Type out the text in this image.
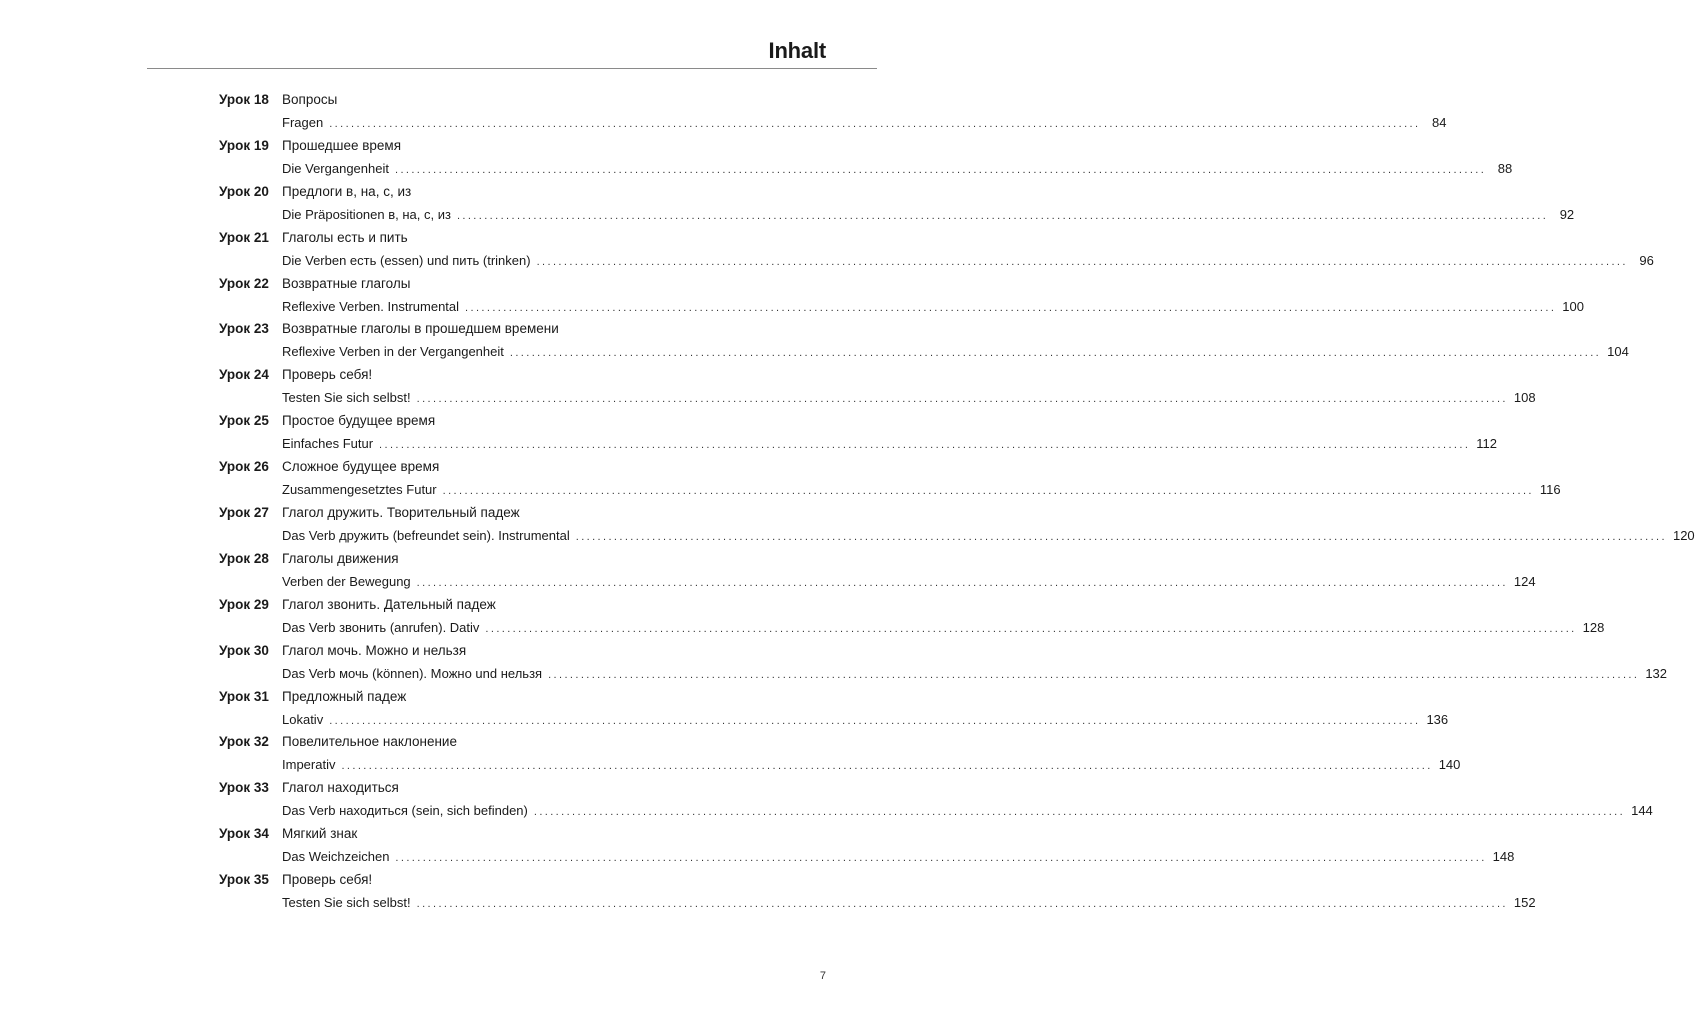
Inhalt
Урок 18 Вопросы
Fragen ........................................................................................................................................................................................................ 84
Урок 19 Прошедшее время
Die Vergangenheit ........................................................................................................................................................................................................ 88
Урок 20 Предлоги в, на, с, из
Die Präpositionen в, на, с, из ........................................................................................................................................................................................................ 92
Урок 21 Глаголы есть и пить
Die Verben есть (essen) und пить (trinken) ........................................................................................................................................................................................................ 96
Урок 22 Возвратные глаголы
Reflexive Verben. Instrumental ........................................................................................................................................................................................................ 100
Урок 23 Возвратные глаголы в прошедшем времени
Reflexive Verben in der Vergangenheit ........................................................................................................................................................................................................ 104
Урок 24 Проверь себя!
Testen Sie sich selbst! ........................................................................................................................................................................................................ 108
Урок 25 Простое будущее время
Einfaches Futur ........................................................................................................................................................................................................ 112
Урок 26 Сложное будущее время
Zusammengesetztes Futur ........................................................................................................................................................................................................ 116
Урок 27 Глагол дружить. Творительный падеж
Das Verb дружить (befreundet sein). Instrumental ........................................................................................................................................................................................................ 120
Урок 28 Глаголы движения
Verben der Bewegung ........................................................................................................................................................................................................ 124
Урок 29 Глагол звонить. Дательный падеж
Das Verb звонить (anrufen). Dativ ........................................................................................................................................................................................................ 128
Урок 30 Глагол мочь. Можно и нельзя
Das Verb мочь (können). Можно und нельзя ........................................................................................................................................................................................................ 132
Урок 31 Предложный падеж
Lokativ ........................................................................................................................................................................................................ 136
Урок 32 Повелительное наклонение
Imperativ ........................................................................................................................................................................................................ 140
Урок 33 Глагол находиться
Das Verb находиться (sein, sich befinden) ........................................................................................................................................................................................................ 144
Урок 34 Мягкий знак
Das Weichzeichen ........................................................................................................................................................................................................ 148
Урок 35 Проверь себя!
Testen Sie sich selbst! ........................................................................................................................................................................................................ 152
7
